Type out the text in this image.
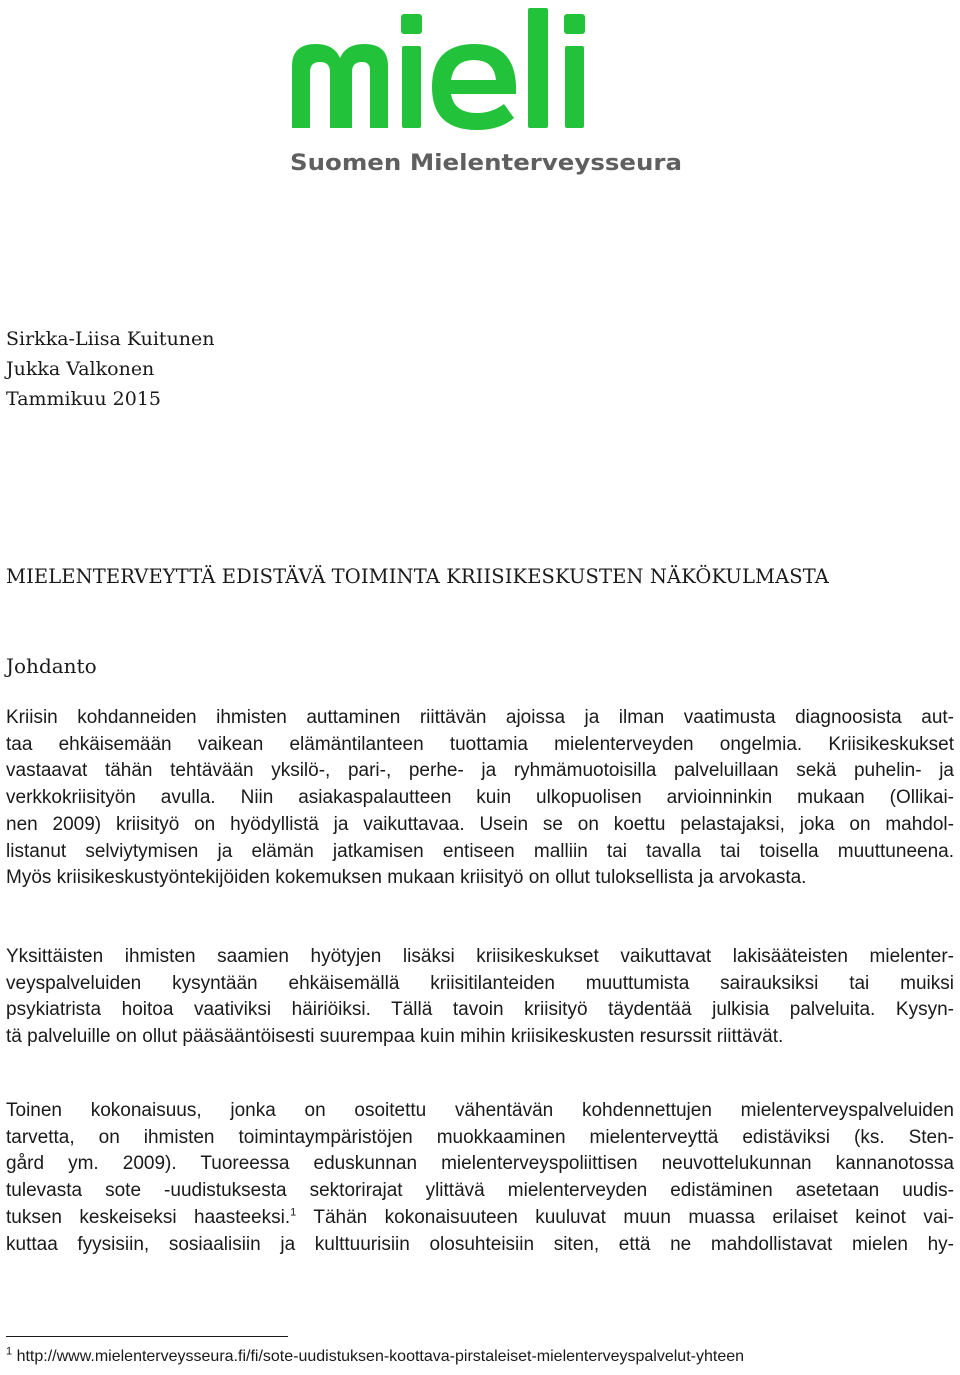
Suomen Mielenterveysseura
Sirkka-Liisa Kuitunen
Jukka Valkonen
Tammikuu 2015
MIELENTERVEYTTÄ EDISTÄVÄ TOIMINTA KRIISIKESKUSTEN NÄKÖKULMASTA
Johdanto
Kriisin kohdanneiden ihmisten auttaminen riittävän ajoissa ja ilman vaatimusta diagnoosista aut-
taa ehkäisemään vaikean elämäntilanteen tuottamia mielenterveyden ongelmia. Kriisikeskukset
vastaavat tähän tehtävään yksilö-, pari-, perhe- ja ryhmämuotoisilla palveluillaan sekä puhelin- ja
verkkokriisityön avulla. Niin asiakaspalautteen kuin ulkopuolisen arvioinninkin mukaan (Ollikai-
nen 2009) kriisityö on hyödyllistä ja vaikuttavaa. Usein se on koettu pelastajaksi, joka on mahdol-
listanut selviytymisen ja elämän jatkamisen entiseen malliin tai tavalla tai toisella muuttuneena.
Myös kriisikeskustyöntekijöiden kokemuksen mukaan kriisityö on ollut tuloksellista ja arvokasta.
Yksittäisten ihmisten saamien hyötyjen lisäksi kriisikeskukset vaikuttavat lakisääteisten mielenter-
veyspalveluiden kysyntään ehkäisemällä kriisitilanteiden muuttumista sairauksiksi tai muiksi
psykiatrista hoitoa vaativiksi häiriöiksi. Tällä tavoin kriisityö täydentää julkisia palveluita. Kysyn-
tä palveluille on ollut pääsääntöisesti suurempaa kuin mihin kriisikeskusten resurssit riittävät.
Toinen kokonaisuus, jonka on osoitettu vähentävän kohdennettujen mielenterveyspalveluiden
tarvetta, on ihmisten toimintaympäristöjen muokkaaminen mielenterveyttä edistäviksi (ks. Sten-
gård ym. 2009). Tuoreessa eduskunnan mielenterveyspoliittisen neuvottelukunnan kannanotossa
tulevasta sote -uudistuksesta sektorirajat ylittävä mielenterveyden edistäminen asetetaan uudis-
tuksen keskeiseksi haasteeksi.$^1$ Tähän kokonaisuuteen kuuluvat muun muassa erilaiset keinot vai-
kuttaa fyysisiin, sosiaalisiin ja kulttuurisiin olosuhteisiin siten, että ne mahdollistavat mielen hy-
$^1$ http://www.mielenterveysseura.fi/fi/sote-uudistuksen-koottava-pirstaleiset-mielenterveyspalvelut-yhteen
